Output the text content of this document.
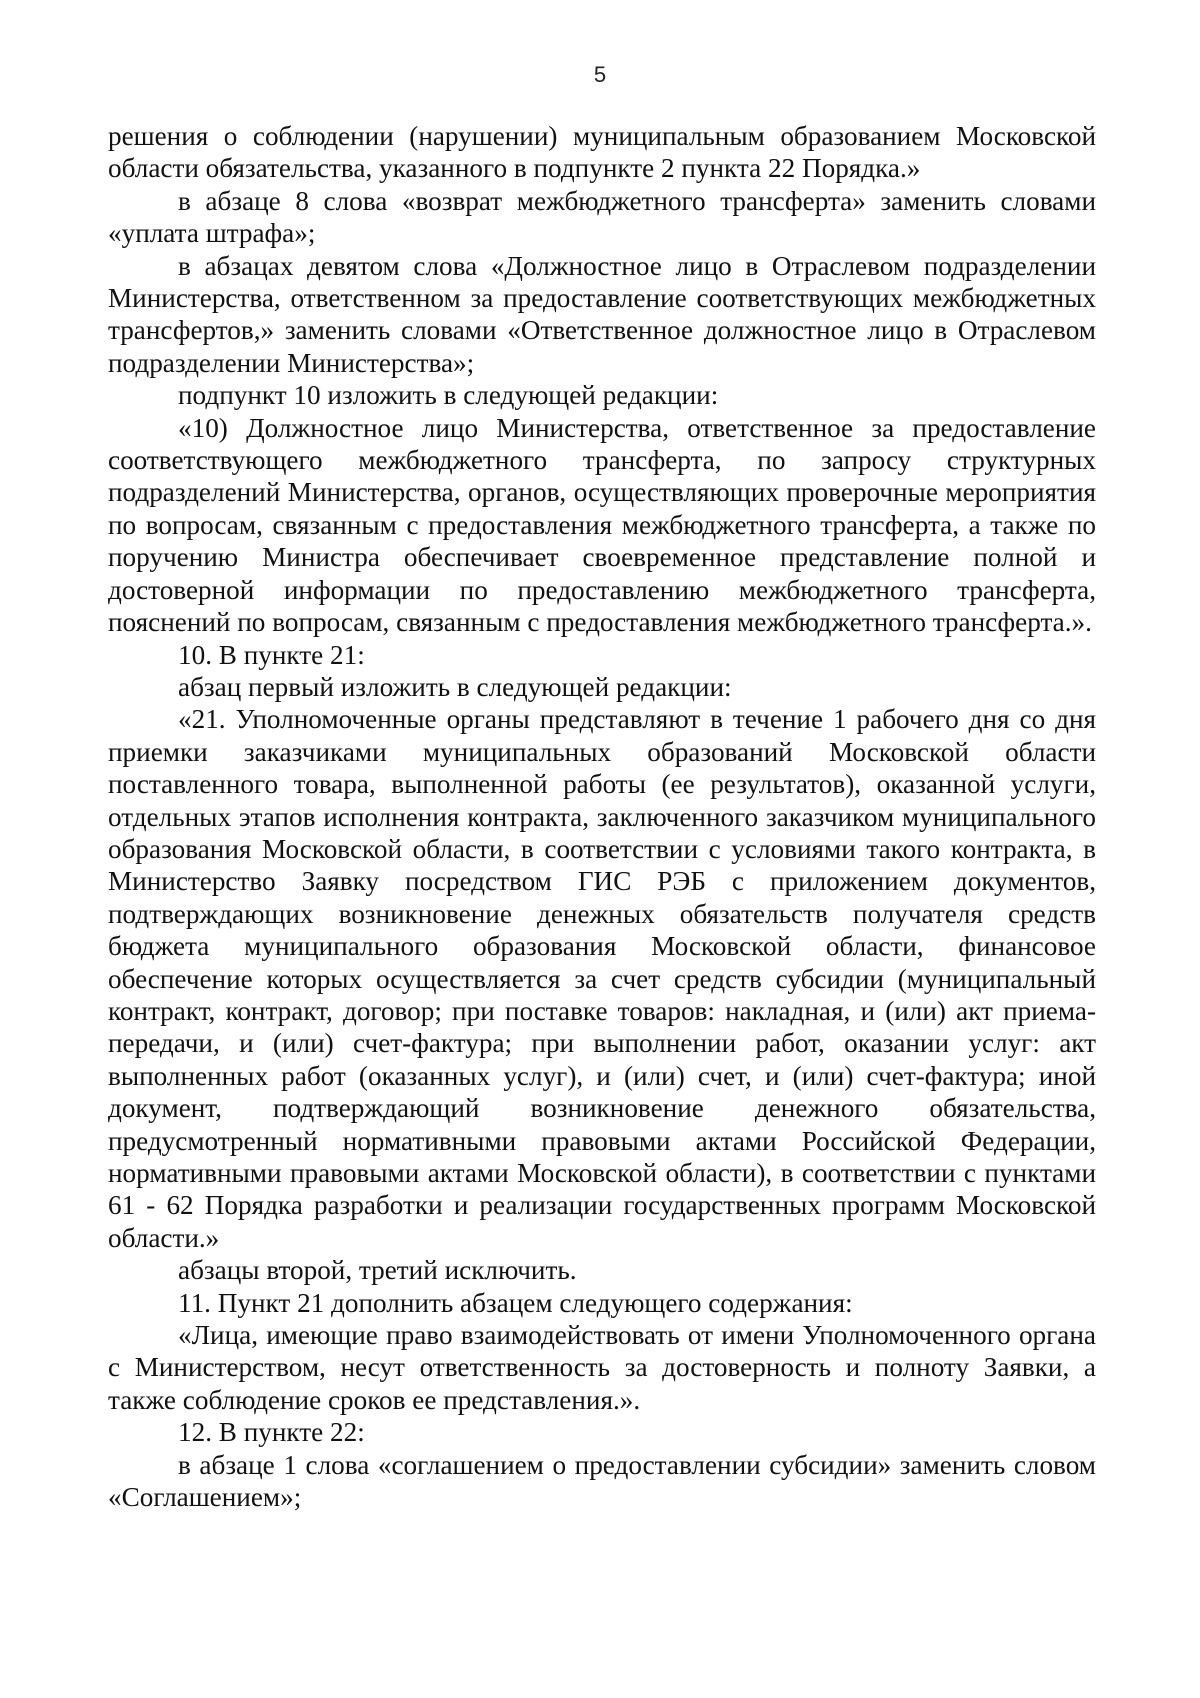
5

решения о соблюдении (нарушении) муниципальным образованием Московской области обязательства, указанного в подпункте 2 пункта 22 Порядка.»

в абзаце 8 слова «возврат межбюджетного трансферта» заменить словами «уплата штрафа»;

в абзацах девятом слова «Должностное лицо в Отраслевом подразделении Министерства, ответственном за предоставление соответствующих межбюджетных трансфертов,» заменить словами «Ответственное должностное лицо в Отраслевом подразделении Министерства»;

подпункт 10 изложить в следующей редакции:

«10) Должностное лицо Министерства, ответственное за предоставление соответствующего межбюджетного трансферта, по запросу структурных подразделений Министерства, органов, осуществляющих проверочные мероприятия по вопросам, связанным с предоставления межбюджетного трансферта, а также по поручению Министра обеспечивает своевременное представление полной и достоверной информации по предоставлению межбюджетного трансферта, пояснений по вопросам, связанным с предоставления межбюджетного трансферта.».

10. В пункте 21:

абзац первый изложить в следующей редакции:

«21. Уполномоченные органы представляют в течение 1 рабочего дня со дня приемки заказчиками муниципальных образований Московской области поставленного товара, выполненной работы (ее результатов), оказанной услуги, отдельных этапов исполнения контракта, заключенного заказчиком муниципального образования Московской области, в соответствии с условиями такого контракта, в Министерство Заявку посредством ГИС РЭБ с приложением документов, подтверждающих возникновение денежных обязательств получателя средств бюджета муниципального образования Московской области, финансовое обеспечение которых осуществляется за счет средств субсидии (муниципальный контракт, контракт, договор; при поставке товаров: накладная, и (или) акт приема-передачи, и (или) счет-фактура; при выполнении работ, оказании услуг: акт выполненных работ (оказанных услуг), и (или) счет, и (или) счет-фактура; иной документ, подтверждающий возникновение денежного обязательства, предусмотренный нормативными правовыми актами Российской Федерации, нормативными правовыми актами Московской области), в соответствии с пунктами 61 - 62 Порядка разработки и реализации государственных программ Московской области.»

абзацы второй, третий исключить.

11. Пункт 21 дополнить абзацем следующего содержания:

«Лица, имеющие право взаимодействовать от имени Уполномоченного органа с Министерством, несут ответственность за достоверность и полноту Заявки, а также соблюдение сроков ее представления.».

12. В пункте 22:

в абзаце 1 слова «соглашением о предоставлении субсидии» заменить словом «Соглашением»;
